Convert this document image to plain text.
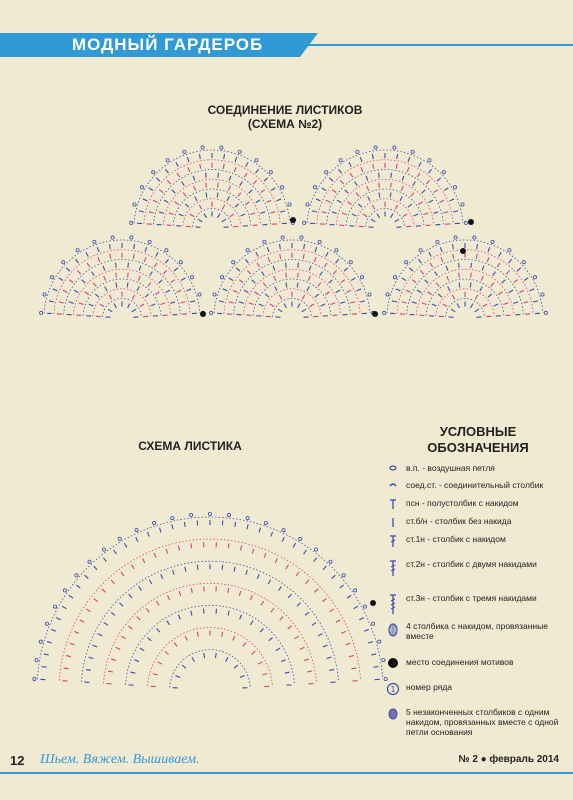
МОДНЫЙ ГАРДЕРОБ
СОЕДИНЕНИЕ ЛИСТИКОВ
(СХЕМА №2)
СХЕМА ЛИСТИКА
УСЛОВНЫЕ
ОБОЗНАЧЕНИЯ
в.п. - воздушная петля
соед.ст. - соединительный столбик
псн - полустолбик с накидом
ст.б/н - столбик без накида
ст.1н - столбик с накидом
ст.2н - столбик с двумя накидами
ст.3н - столбик с тремя накидами
4 столбика с накидом, провязанные вместе
место соединения мотивов
1 номер ряда
5 незаконченных столбиков с одним накидом, провязанных вместе с одной петли основания
12 Шьем. Вяжем. Вышиваем.	№ 2 ● февраль 2014
